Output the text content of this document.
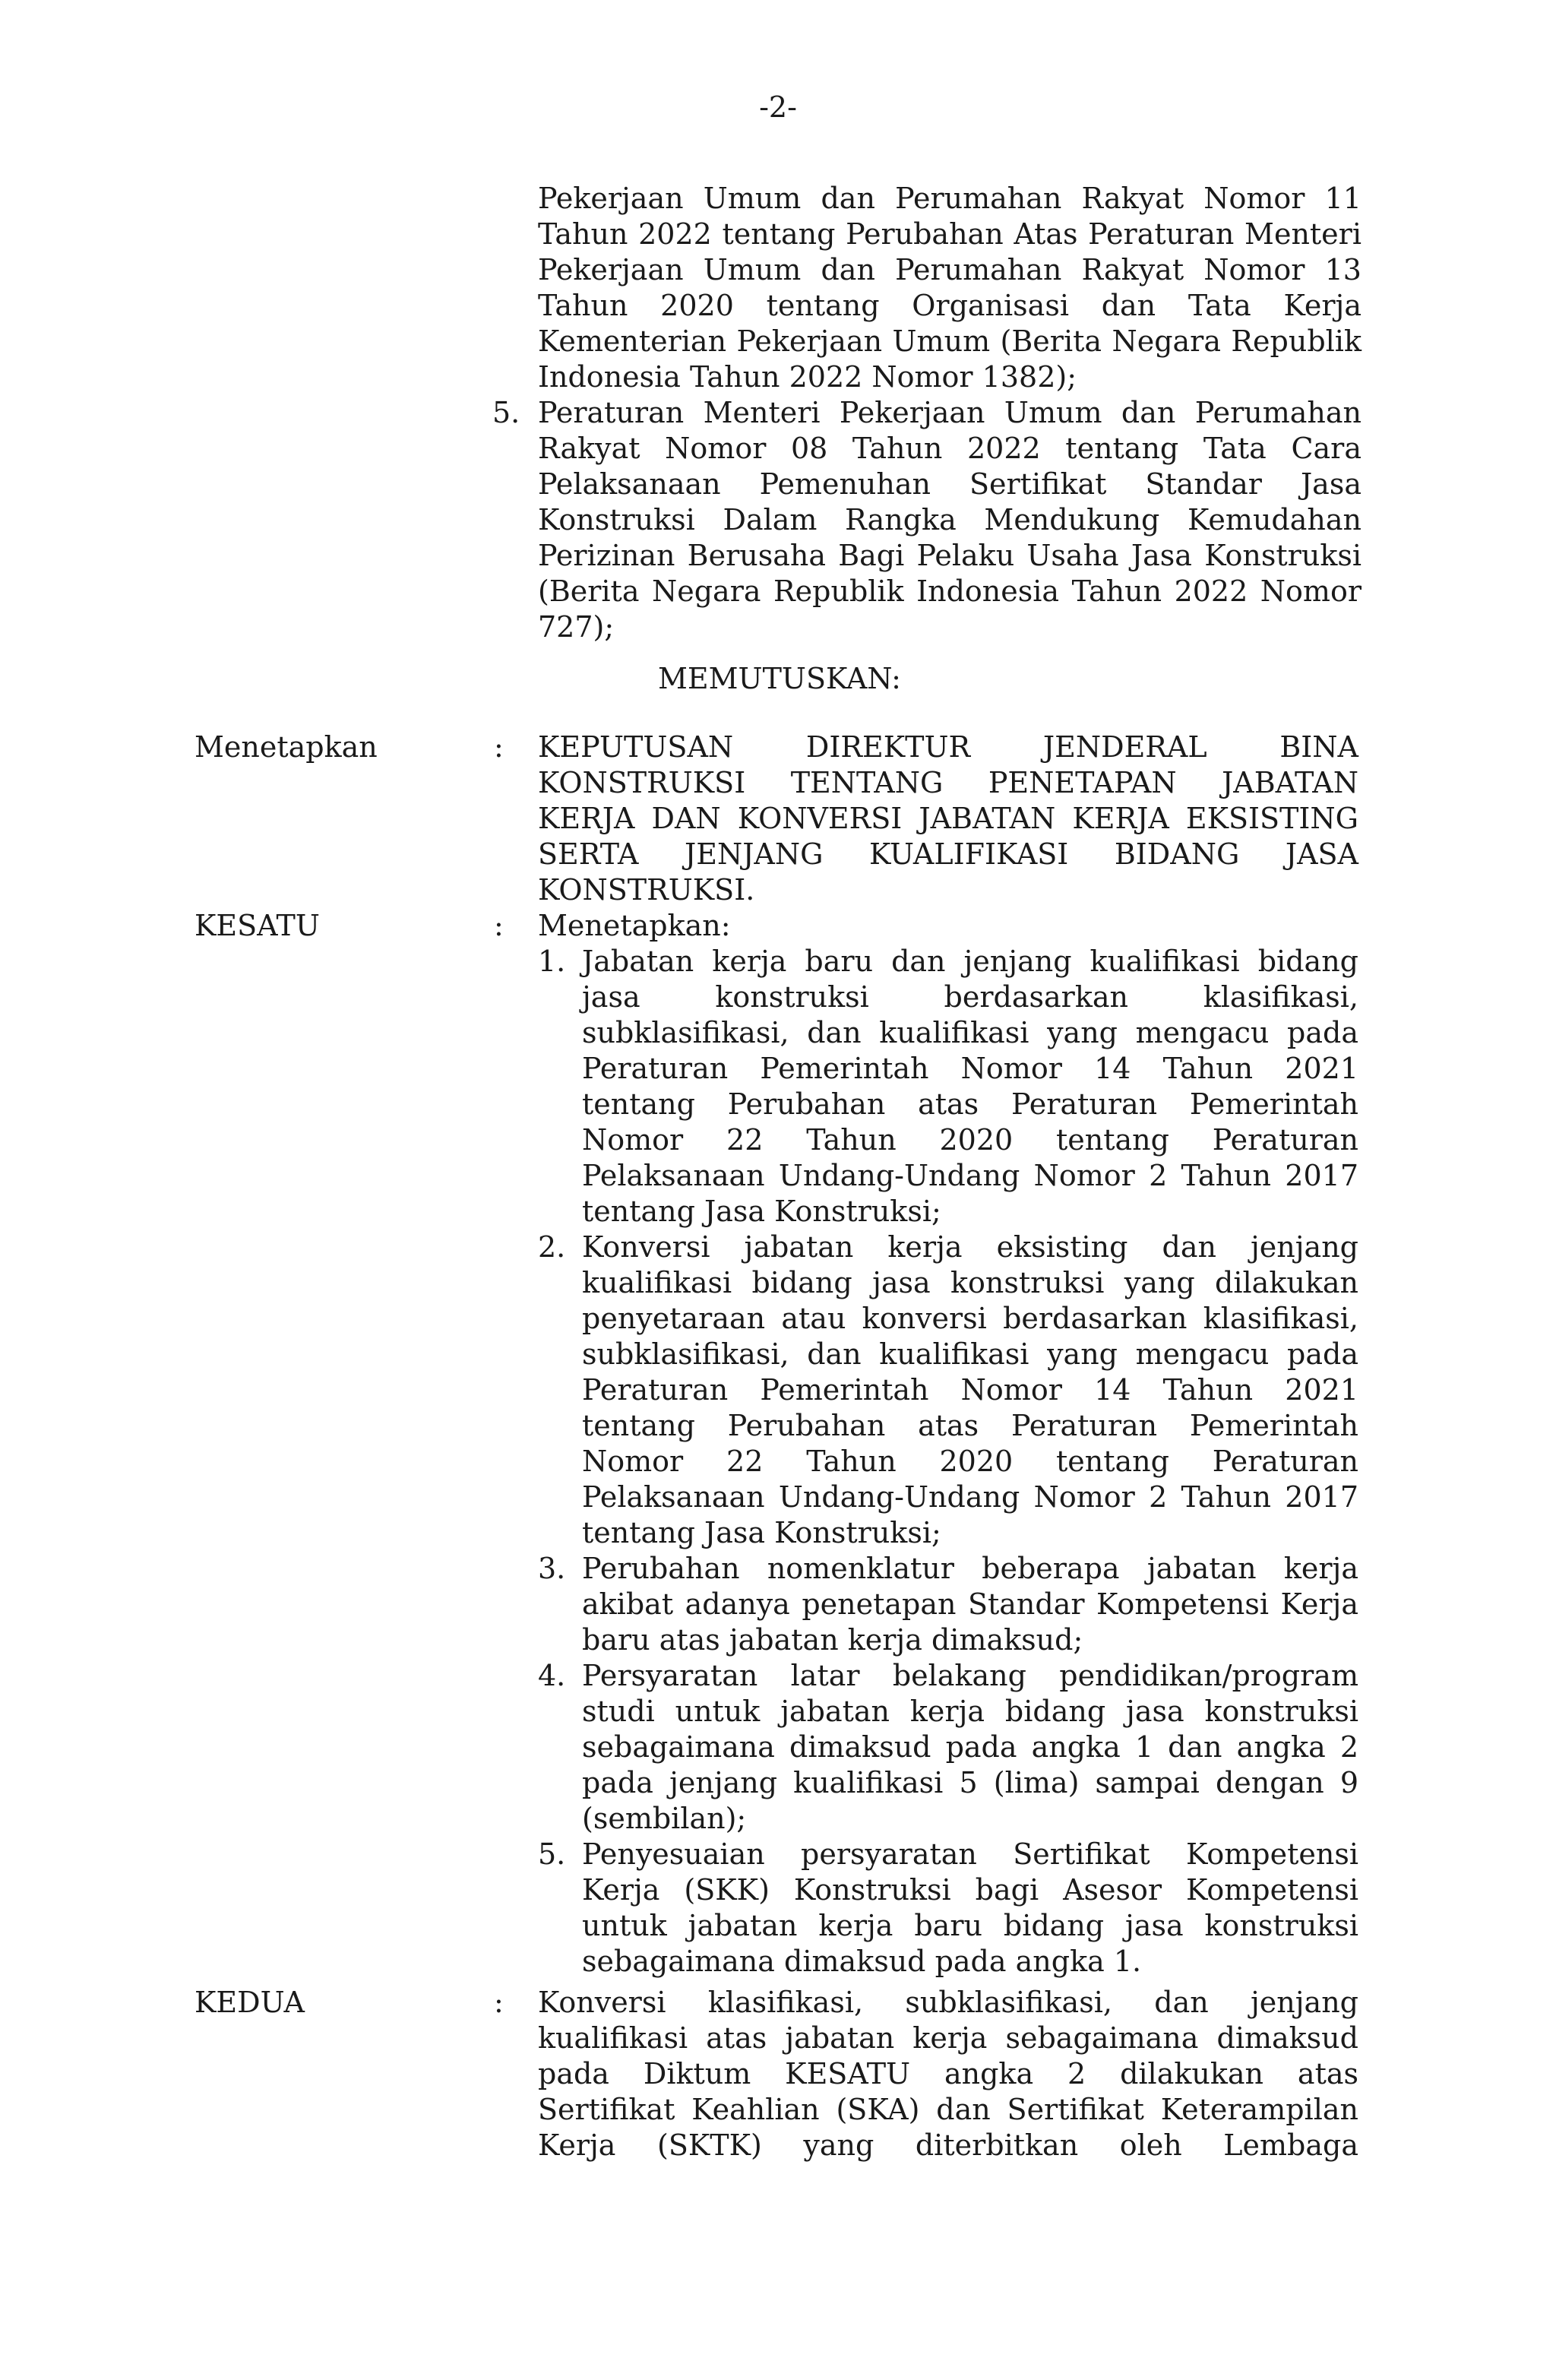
-2-
Pekerjaan Umum dan Perumahan Rakyat Nomor 11
Tahun 2022 tentang Perubahan Atas Peraturan Menteri
Pekerjaan Umum dan Perumahan Rakyat Nomor 13
Tahun 2020 tentang Organisasi dan Tata Kerja
Kementerian Pekerjaan Umum (Berita Negara Republik
Indonesia Tahun 2022 Nomor 1382);
5. Peraturan Menteri Pekerjaan Umum dan Perumahan
Rakyat Nomor 08 Tahun 2022 tentang Tata Cara
Pelaksanaan Pemenuhan Sertifikat Standar Jasa
Konstruksi Dalam Rangka Mendukung Kemudahan
Perizinan Berusaha Bagi Pelaku Usaha Jasa Konstruksi
(Berita Negara Republik Indonesia Tahun 2022 Nomor
727);
MEMUTUSKAN:
Menetapkan	: KEPUTUSAN DIREKTUR JENDERAL BINA
KONSTRUKSI TENTANG PENETAPAN JABATAN
KERJA DAN KONVERSI JABATAN KERJA EKSISTING
SERTA JENJANG KUALIFIKASI BIDANG JASA
KONSTRUKSI.
KESATU	: Menetapkan:
1. Jabatan kerja baru dan jenjang kualifikasi bidang
jasa konstruksi berdasarkan klasifikasi,
subklasifikasi, dan kualifikasi yang mengacu pada
Peraturan Pemerintah Nomor 14 Tahun 2021
tentang Perubahan atas Peraturan Pemerintah
Nomor 22 Tahun 2020 tentang Peraturan
Pelaksanaan Undang-Undang Nomor 2 Tahun 2017
tentang Jasa Konstruksi;
2. Konversi jabatan kerja eksisting dan jenjang
kualifikasi bidang jasa konstruksi yang dilakukan
penyetaraan atau konversi berdasarkan klasifikasi,
subklasifikasi, dan kualifikasi yang mengacu pada
Peraturan Pemerintah Nomor 14 Tahun 2021
tentang Perubahan atas Peraturan Pemerintah
Nomor 22 Tahun 2020 tentang Peraturan
Pelaksanaan Undang-Undang Nomor 2 Tahun 2017
tentang Jasa Konstruksi;
3. Perubahan nomenklatur beberapa jabatan kerja
akibat adanya penetapan Standar Kompetensi Kerja
baru atas jabatan kerja dimaksud;
4. Persyaratan latar belakang pendidikan/program
studi untuk jabatan kerja bidang jasa konstruksi
sebagaimana dimaksud pada angka 1 dan angka 2
pada jenjang kualifikasi 5 (lima) sampai dengan 9
(sembilan);
5. Penyesuaian persyaratan Sertifikat Kompetensi
Kerja (SKK) Konstruksi bagi Asesor Kompetensi
untuk jabatan kerja baru bidang jasa konstruksi
sebagaimana dimaksud pada angka 1.
KEDUA	: Konversi klasifikasi, subklasifikasi, dan jenjang
kualifikasi atas jabatan kerja sebagaimana dimaksud
pada Diktum KESATU angka 2 dilakukan atas
Sertifikat Keahlian (SKA) dan Sertifikat Keterampilan
Kerja (SKTK) yang diterbitkan oleh Lembaga
